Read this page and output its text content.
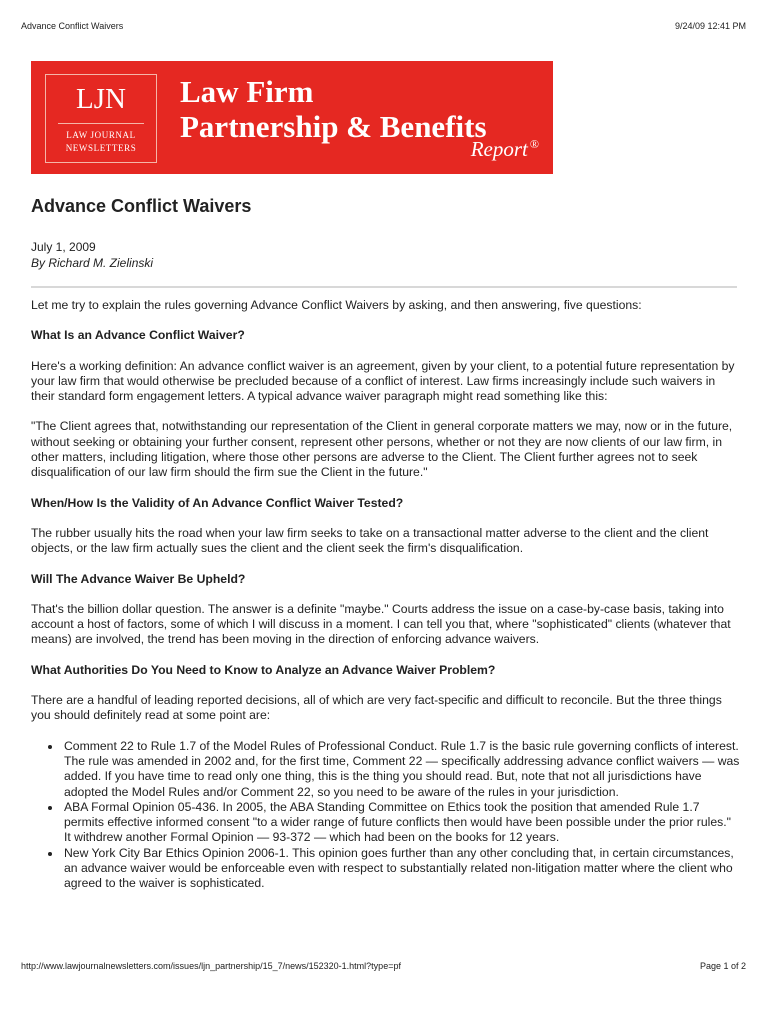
Advance Conflict Waivers	9/24/09 12:41 PM
LJN
LAW JOURNAL
NEWSLETTERS
Law Firm
Partnership & Benefits
Report ®
Advance Conflict Waivers
July 1, 2009
By Richard M. Zielinski

Let me try to explain the rules governing Advance Conflict Waivers by asking, and then answering, five questions:

What Is an Advance Conflict Waiver?

Here's a working definition: An advance conflict waiver is an agreement, given by your client, to a potential future representation by your law firm that would otherwise be precluded because of a conflict of interest. Law firms increasingly include such waivers in their standard form engagement letters. A typical advance waiver paragraph might read something like this:

"The Client agrees that, notwithstanding our representation of the Client in general corporate matters we may, now or in the future, without seeking or obtaining your further consent, represent other persons, whether or not they are now clients of our law firm, in other matters, including litigation, where those other persons are adverse to the Client. The Client further agrees not to seek disqualification of our law firm should the firm sue the Client in the future."

When/How Is the Validity of An Advance Conflict Waiver Tested?

The rubber usually hits the road when your law firm seeks to take on a transactional matter adverse to the client and the client objects, or the law firm actually sues the client and the client seek the firm's disqualification.

Will The Advance Waiver Be Upheld?

That's the billion dollar question. The answer is a definite "maybe." Courts address the issue on a case-by-case basis, taking into account a host of factors, some of which I will discuss in a moment. I can tell you that, where "sophisticated" clients (whatever that means) are involved, the trend has been moving in the direction of enforcing advance waivers.

What Authorities Do You Need to Know to Analyze an Advance Waiver Problem?

There are a handful of leading reported decisions, all of which are very fact-specific and difficult to reconcile. But the three things you should definitely read at some point are:

• Comment 22 to Rule 1.7 of the Model Rules of Professional Conduct. Rule 1.7 is the basic rule governing conflicts of interest. The rule was amended in 2002 and, for the first time, Comment 22 — specifically addressing advance conflict waivers — was added. If you have time to read only one thing, this is the thing you should read. But, note that not all jurisdictions have adopted the Model Rules and/or Comment 22, so you need to be aware of the rules in your jurisdiction.
• ABA Formal Opinion 05-436. In 2005, the ABA Standing Committee on Ethics took the position that amended Rule 1.7 permits effective informed consent "to a wider range of future conflicts then would have been possible under the prior rules." It withdrew another Formal Opinion — 93-372 — which had been on the books for 12 years.
• New York City Bar Ethics Opinion 2006-1. This opinion goes further than any other concluding that, in certain circumstances, an advance waiver would be enforceable even with respect to substantially related non-litigation matter where the client who agreed to the waiver is sophisticated.
http://www.lawjournalnewsletters.com/issues/ljn_partnership/15_7/news/152320-1.html?type=pf	Page 1 of 2
